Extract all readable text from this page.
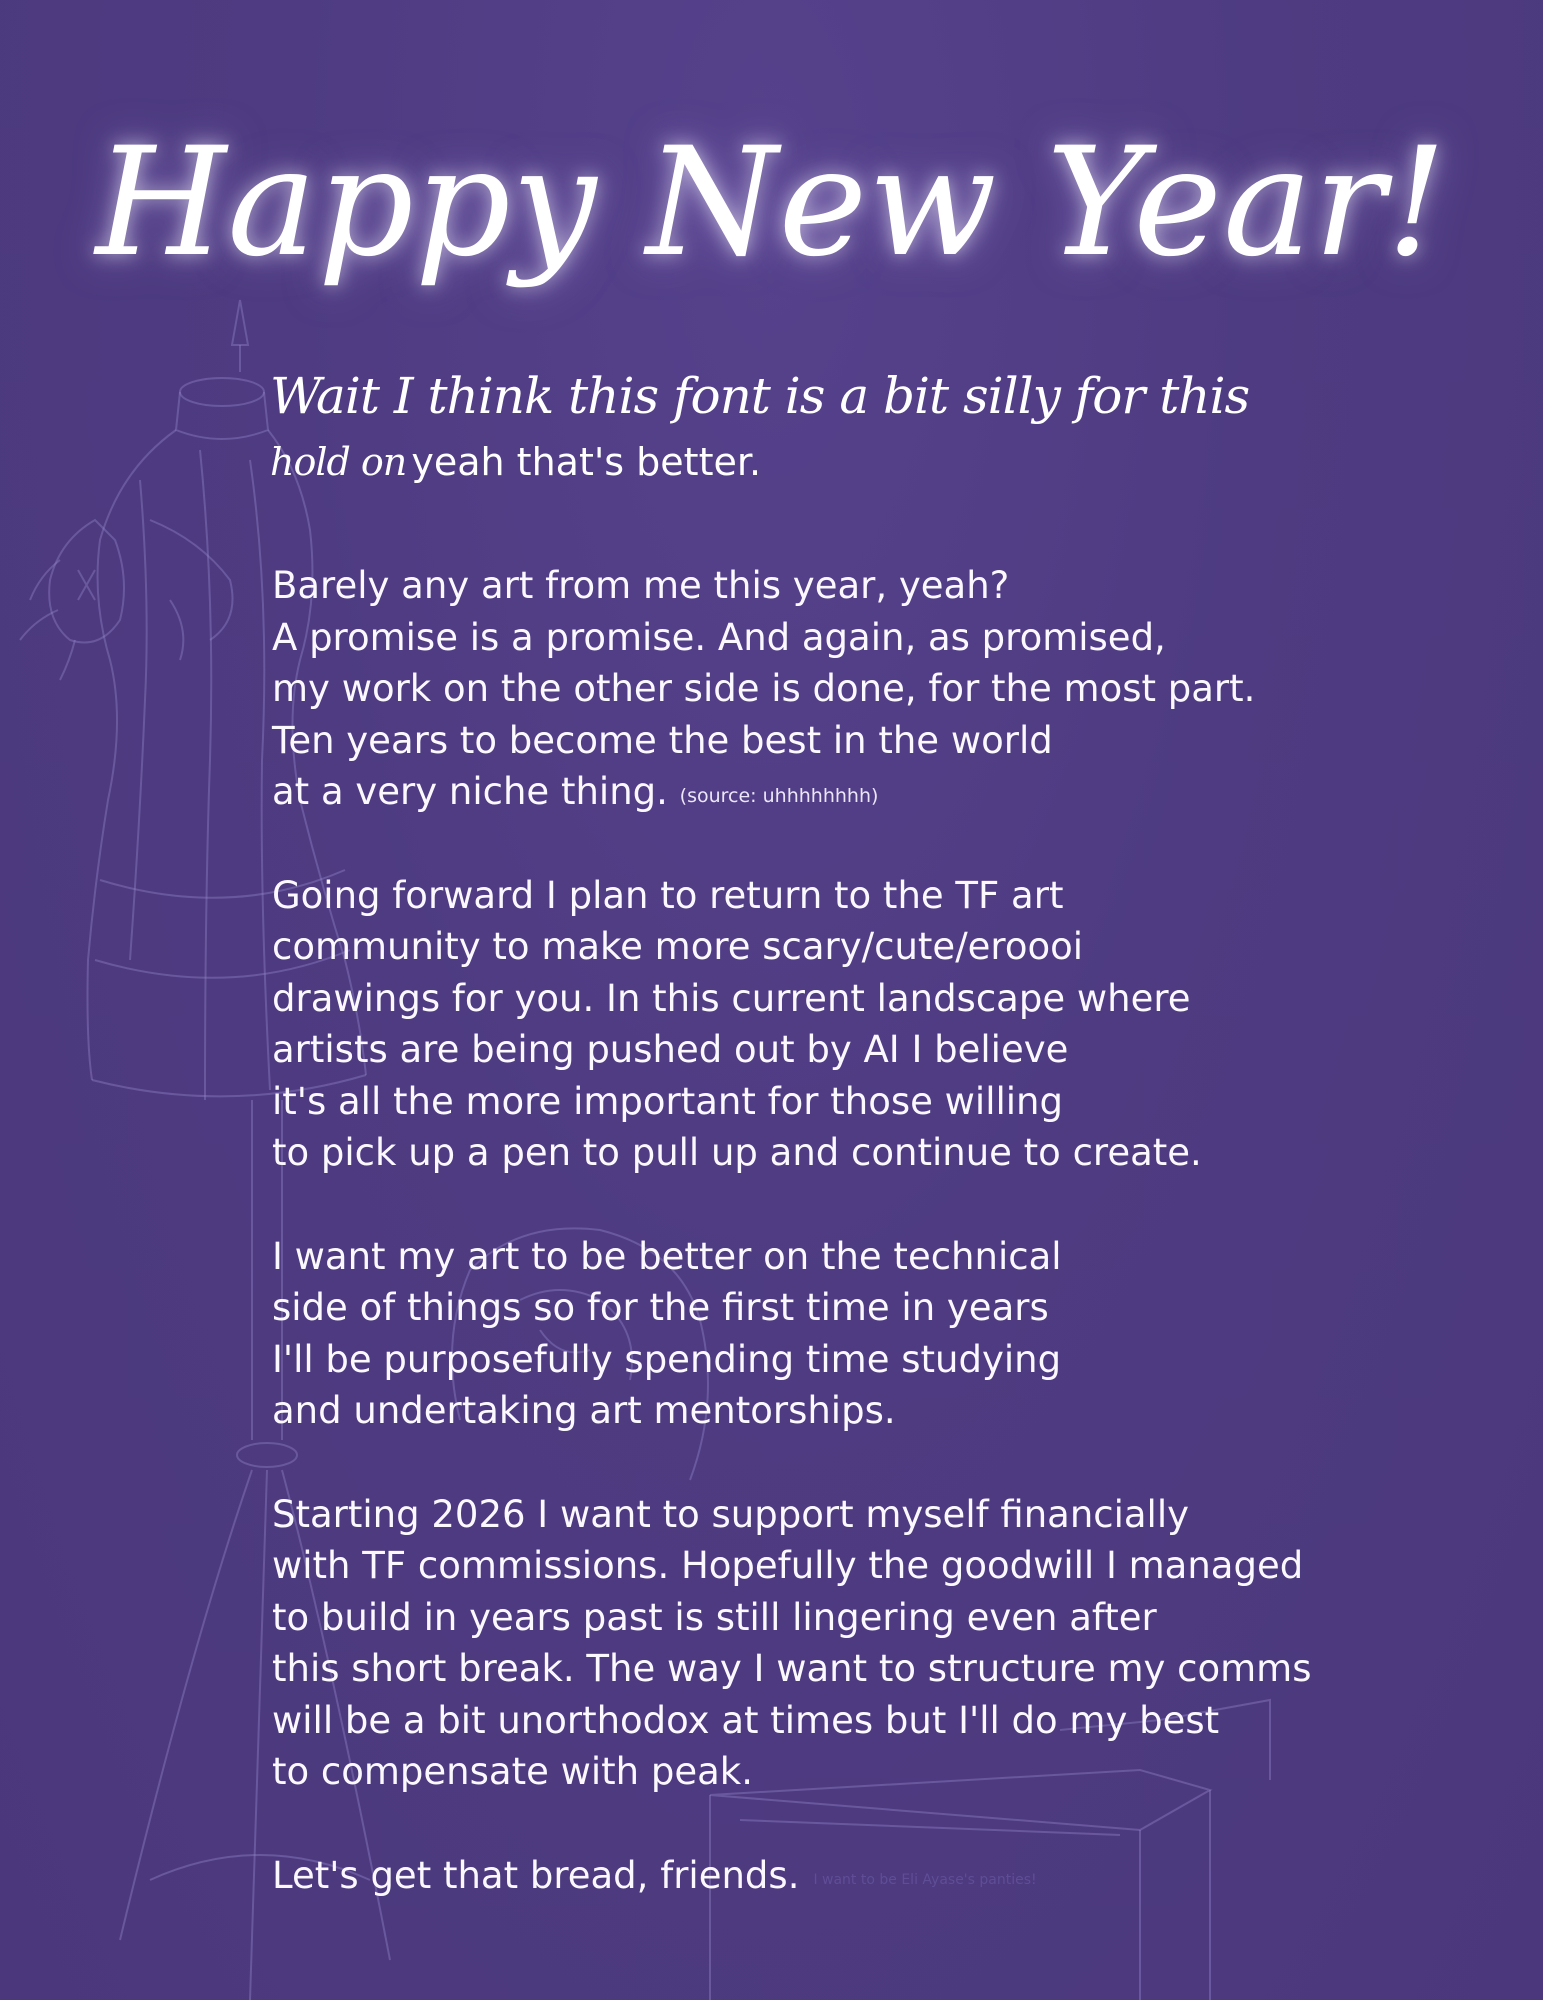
Happy New Year!
Wait I think this font is a bit silly for this
hold on yeah that's better.
Barely any art from me this year, yeah?
A promise is a promise. And again, as promised,
my work on the other side is done, for the most part.
Ten years to become the best in the world
at a very niche thing. (source: uhhhhhhhh)
Going forward I plan to return to the TF art
community to make more scary/cute/eroooi
drawings for you. In this current landscape where
artists are being pushed out by AI I believe
it's all the more important for those willing
to pick up a pen to pull up and continue to create.
I want my art to be better on the technical
side of things so for the first time in years
I'll be purposefully spending time studying
and undertaking art mentorships.
Starting 2026 I want to support myself financially
with TF commissions. Hopefully the goodwill I managed
to build in years past is still lingering even after
this short break. The way I want to structure my comms
will be a bit unorthodox at times but I'll do my best
to compensate with peak.
Let's get that bread, friends. I want to be Eli Ayase's panties!
